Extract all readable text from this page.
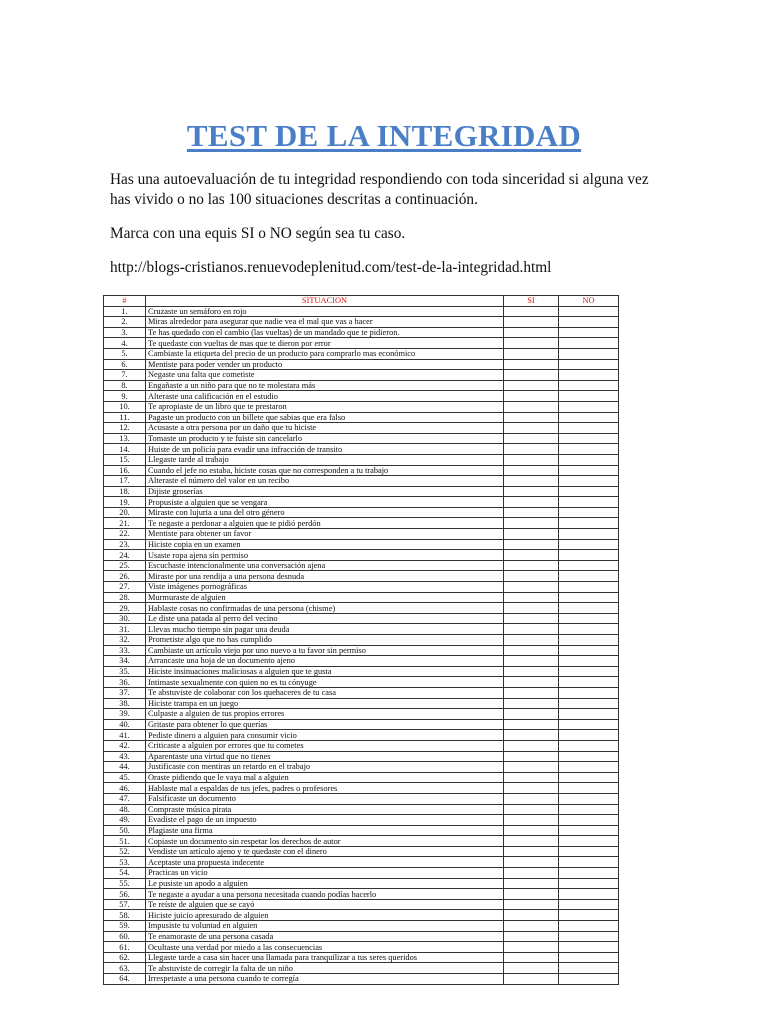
TEST DE LA INTEGRIDAD

Has una autoevaluación de tu integridad respondiendo con toda sinceridad si alguna vez has vivido o no las 100 situaciones descritas a continuación.

Marca con una equis SI o NO según sea tu caso.

http://blogs-cristianos.renuevodeplenitud.com/test-de-la-integridad.html

#	SITUACION	SI	NO
1.	Cruzaste un semáforo en rojo		
2.	Miras alrededor para asegurar que nadie vea el mal que vas a hacer		
3.	Te has quedado con el cambio (las vueltas) de un mandado que te pidieron.		
4.	Te quedaste con vueltas de mas que te dieron por error		
5.	Cambiaste la etiqueta del precio de un producto para comprarlo mas económico		
6.	Mentiste para poder vender un producto		
7.	Negaste una falta que cometiste		
8.	Engañaste a un niño para que no te molestara más		
9.	Alteraste una calificación en el estudio		
10.	Te apropiaste de un libro que te prestaron		
11.	Pagaste un producto con un billete que sabias que era falso		
12.	Acusaste a otra persona por un daño que tu hiciste		
13.	Tomaste un producto y te fuiste sin cancelarlo		
14.	Huiste de un policía para evadir una infracción de transito		
15.	Llegaste tarde al trabajo		
16.	Cuando el jefe no estaba, hiciste cosas que no corresponden a tu trabajo		
17.	Alteraste el número del valor en un recibo		
18.	Dijiste groserías		
19.	Propusiste a alguien que se vengara		
20.	Miraste con lujuria a una del otro género		
21.	Te negaste a perdonar a alguien que te pidió perdón		
22.	Mentiste para obtener un favor		
23.	Hiciste copia en un examen		
24.	Usaste ropa ajena sin permiso		
25.	Escuchaste intencionalmente una conversación ajena		
26.	Miraste por una rendija a una persona desnuda		
27.	Viste imágenes pornográficas		
28.	Murmuraste de alguien		
29.	Hablaste cosas no confirmadas de una persona (chisme)		
30.	Le diste una patada al perro del vecino		
31.	Llevas mucho tiempo sin pagar una deuda		
32.	Prometiste algo que no has cumplido		
33.	Cambiaste un artículo viejo por uno nuevo a tu favor sin permiso		
34.	Arrancaste una hoja de un documento ajeno		
35.	Hiciste insinuaciones maliciosas a alguien que te gusta		
36.	Intimaste sexualmente con quien no es tu cónyuge		
37.	Te abstuviste de colaborar con los quehaceres de tu casa		
38.	Hiciste trampa en un juego		
39.	Culpaste a alguien de tus propios errores		
40.	Gritaste para obtener lo que querías		
41.	Pediste dinero a alguien para consumir vicio		
42.	Criticaste a alguien por errores que tu cometes		
43.	Aparentaste una virtud que no tienes		
44.	Justificaste con mentiras un retardo en el trabajo		
45.	Oraste pidiendo que le vaya mal a alguien		
46.	Hablaste mal a espaldas de tus jefes, padres o profesores		
47.	Falsificaste un documento		
48.	Compraste música pirata		
49.	Evadiste el pago de un impuesto		
50.	Plagiaste una firma		
51.	Copiaste un documento sin respetar los derechos de autor		
52.	Vendiste un artículo ajeno y te quedaste con el dinero		
53.	Aceptaste una propuesta indecente		
54.	Practicas un vicio		
55.	Le pusiste un apodo a alguien		
56.	Te negaste a ayudar a una persona necesitada cuando podías hacerlo		
57.	Te reíste de alguien que se cayó		
58.	Hiciste juicio apresurado de alguien		
59.	Impusiste tu voluntad en alguien		
60.	Te enamoraste de una persona casada		
61.	Ocultaste una verdad por miedo a las consecuencias		
62.	Llegaste tarde a casa sin hacer una llamada para tranquilizar a tus seres queridos		
63.	Te abstuviste de corregir la falta de un niño		
64.	Irrespetaste a una persona cuando te corregía		
